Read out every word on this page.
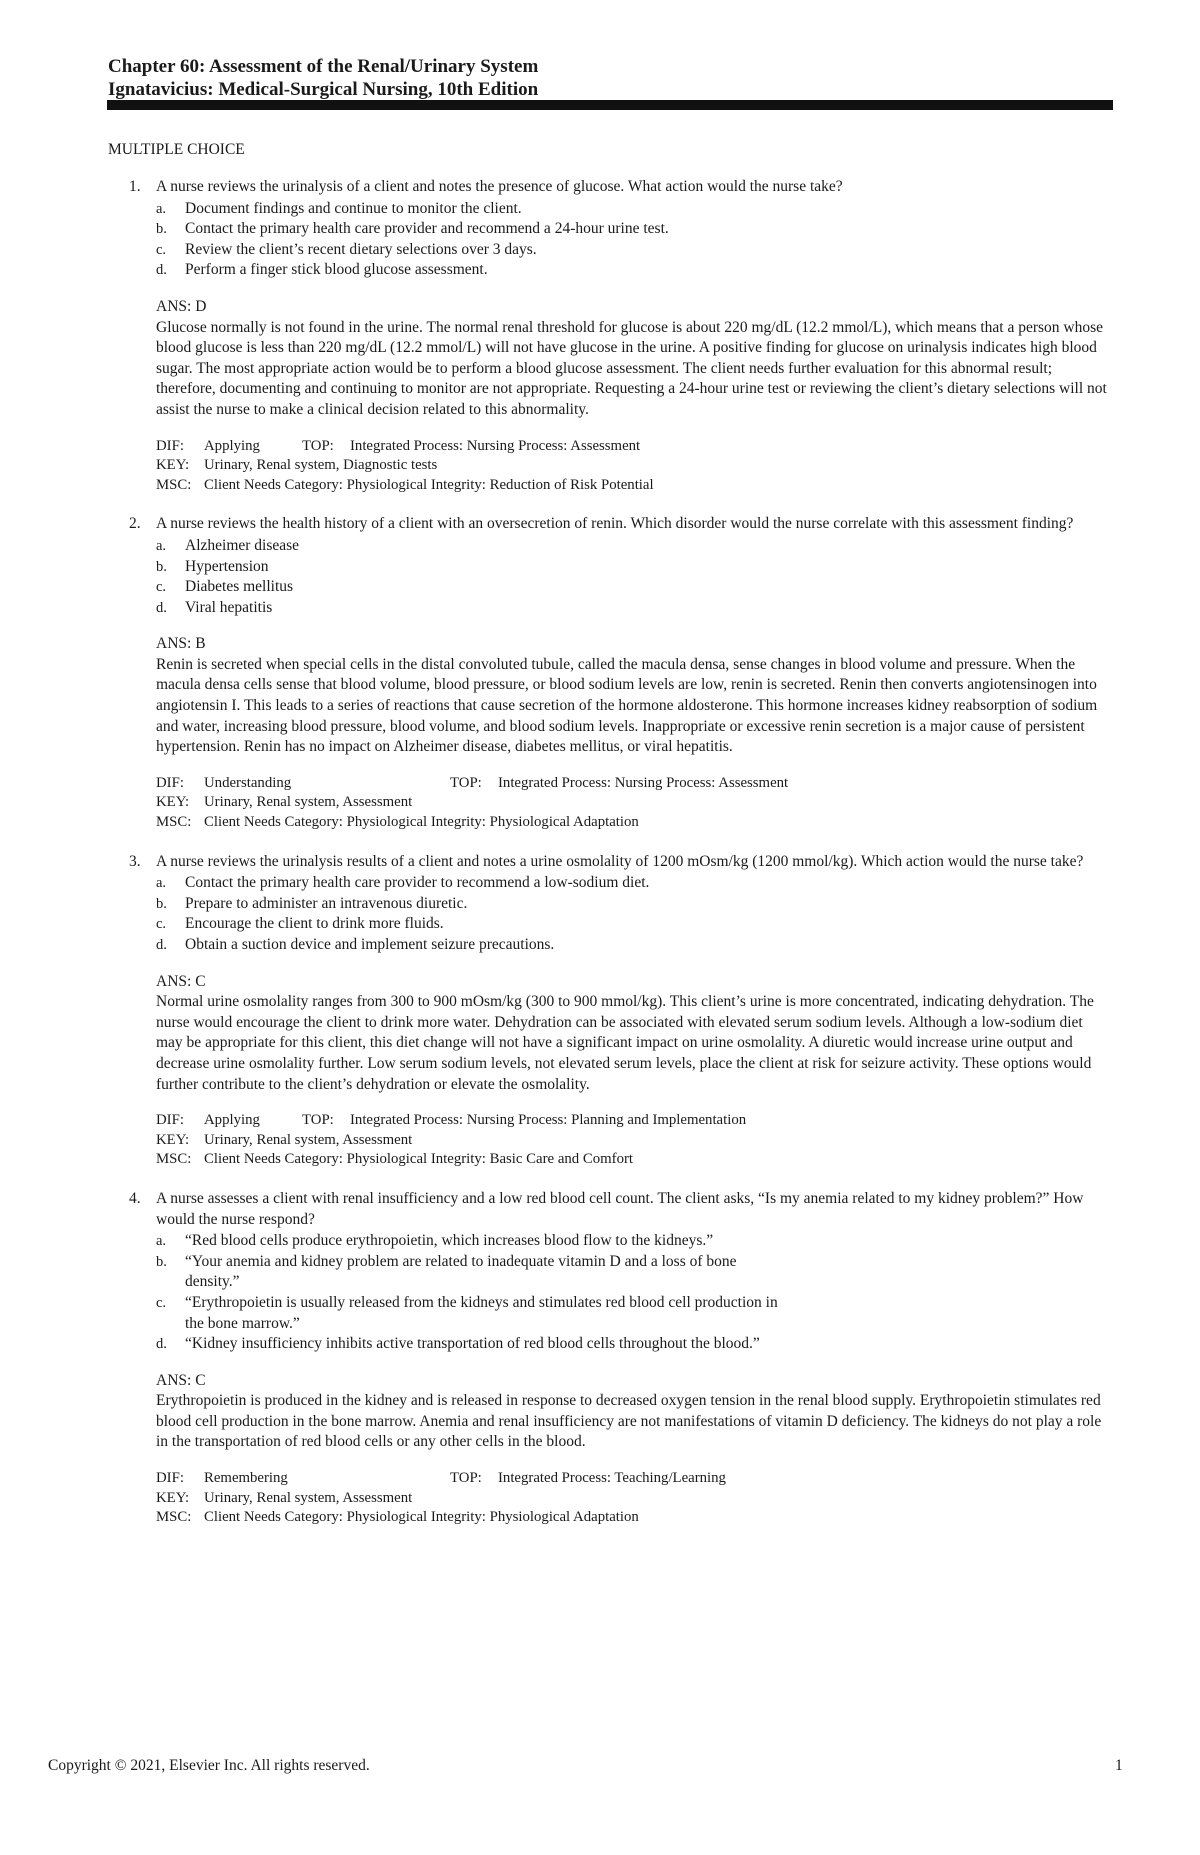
Chapter 60: Assessment of the Renal/Urinary System
Ignatavicius: Medical-Surgical Nursing, 10th Edition
MULTIPLE CHOICE
1. A nurse reviews the urinalysis of a client and notes the presence of glucose. What action would the nurse take?
a.	Document findings and continue to monitor the client.
b.	Contact the primary health care provider and recommend a 24-hour urine test.
c.	Review the client’s recent dietary selections over 3 days.
d.	Perform a finger stick blood glucose assessment.
ANS: D
Glucose normally is not found in the urine. The normal renal threshold for glucose is about 220 mg/dL (12.2 mmol/L), which means that a person whose blood glucose is less than 220 mg/dL (12.2 mmol/L) will not have glucose in the urine. A positive finding for glucose on urinalysis indicates high blood sugar. The most appropriate action would be to perform a blood glucose assessment. The client needs further evaluation for this abnormal result; therefore, documenting and continuing to monitor are not appropriate. Requesting a 24-hour urine test or reviewing the client’s dietary selections will not assist the nurse to make a clinical decision related to this abnormality.
DIF:	Applying	TOP:	Integrated Process: Nursing Process: Assessment
KEY:	Urinary, Renal system, Diagnostic tests
MSC: Client Needs Category: Physiological Integrity: Reduction of Risk Potential
2. A nurse reviews the health history of a client with an oversecretion of renin. Which disorder would the nurse correlate with this assessment finding?
a.	Alzheimer disease
b.	Hypertension
c.	Diabetes mellitus
d.	Viral hepatitis
ANS: B
Renin is secreted when special cells in the distal convoluted tubule, called the macula densa, sense changes in blood volume and pressure. When the macula densa cells sense that blood volume, blood pressure, or blood sodium levels are low, renin is secreted. Renin then converts angiotensinogen into angiotensin I. This leads to a series of reactions that cause secretion of the hormone aldosterone. This hormone increases kidney reabsorption of sodium and water, increasing blood pressure, blood volume, and blood sodium levels. Inappropriate or excessive renin secretion is a major cause of persistent hypertension. Renin has no impact on Alzheimer disease, diabetes mellitus, or viral hepatitis.
DIF:	Understanding	TOP:	Integrated Process: Nursing Process: Assessment
KEY:	Urinary, Renal system, Assessment
MSC: Client Needs Category: Physiological Integrity: Physiological Adaptation
3. A nurse reviews the urinalysis results of a client and notes a urine osmolality of 1200 mOsm/kg (1200 mmol/kg). Which action would the nurse take?
a.	Contact the primary health care provider to recommend a low-sodium diet.
b.	Prepare to administer an intravenous diuretic.
c.	Encourage the client to drink more fluids.
d.	Obtain a suction device and implement seizure precautions.
ANS: C
Normal urine osmolality ranges from 300 to 900 mOsm/kg (300 to 900 mmol/kg). This client’s urine is more concentrated, indicating dehydration. The nurse would encourage the client to drink more water. Dehydration can be associated with elevated serum sodium levels. Although a low-sodium diet may be appropriate for this client, this diet change will not have a significant impact on urine osmolality. A diuretic would increase urine output and decrease urine osmolality further. Low serum sodium levels, not elevated serum levels, place the client at risk for seizure activity. These options would further contribute to the client’s dehydration or elevate the osmolality.
DIF:	Applying	TOP:	Integrated Process: Nursing Process: Planning and Implementation
KEY:	Urinary, Renal system, Assessment
MSC: Client Needs Category: Physiological Integrity: Basic Care and Comfort
4. A nurse assesses a client with renal insufficiency and a low red blood cell count. The client asks, “Is my anemia related to my kidney problem?” How would the nurse respond?
a.	“Red blood cells produce erythropoietin, which increases blood flow to the kidneys.”
b.	“Your anemia and kidney problem are related to inadequate vitamin D and a loss of bone density.”
c.	“Erythropoietin is usually released from the kidneys and stimulates red blood cell production in the bone marrow.”
d.	“Kidney insufficiency inhibits active transportation of red blood cells throughout the blood.”
ANS: C
Erythropoietin is produced in the kidney and is released in response to decreased oxygen tension in the renal blood supply. Erythropoietin stimulates red blood cell production in the bone marrow. Anemia and renal insufficiency are not manifestations of vitamin D deficiency. The kidneys do not play a role in the transportation of red blood cells or any other cells in the blood.
DIF:	Remembering	TOP:	Integrated Process: Teaching/Learning
KEY:	Urinary, Renal system, Assessment
MSC: Client Needs Category: Physiological Integrity: Physiological Adaptation
Copyright © 2021, Elsevier Inc. All rights reserved.	1
